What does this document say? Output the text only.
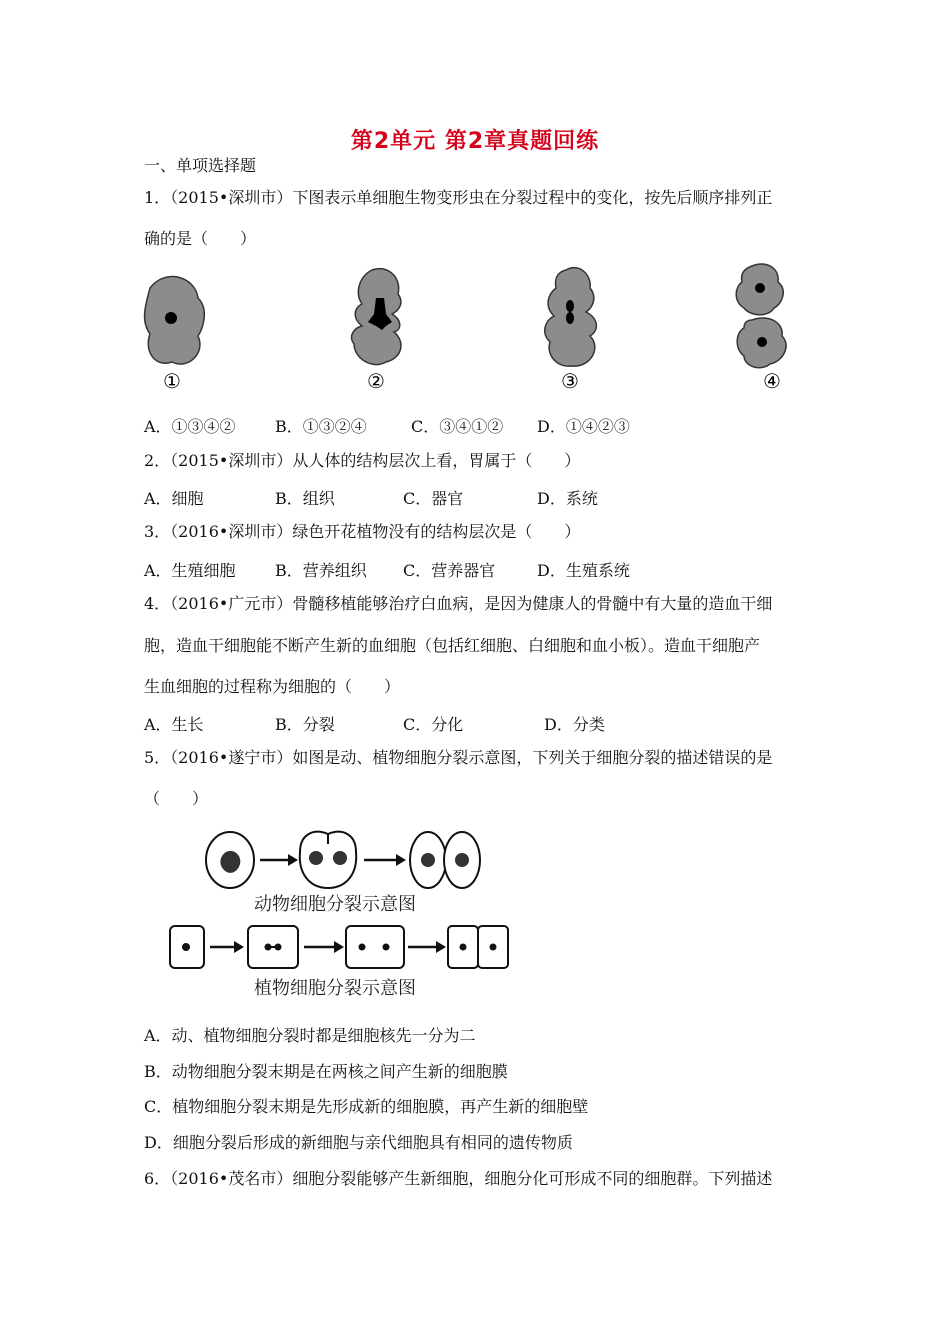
第2单元 第2章真题回练
一、单项选择题
1．（2015•深圳市）下图表示单细胞生物变形虫在分裂过程中的变化，按先后顺序排列正
确的是（　　）
①	②	③	④
A．①③④② B．①③②④	C．③④①② D．①④②③
2．（2015•深圳市）从人体的结构层次上看，胃属于（　　）
A．细胞	B．组织	C．器官	D．系统
3．（2016•深圳市）绿色开花植物没有的结构层次是（　　）
A．生殖细胞 B．营养组织 C．营养器官	D．生殖系统
4．（2016•广元市）骨髓移植能够治疗白血病，是因为健康人的骨髓中有大量的造血干细
胞，造血干细胞能不断产生新的血细胞（包括红细胞、白细胞和血小板）。造血干细胞产
生血细胞的过程称为细胞的（　　）
A．生长	B．分裂	C．分化	D．分类
5．（2016•遂宁市）如图是动、植物细胞分裂示意图，下列关于细胞分裂的描述错误的是
（　　）
动物细胞分裂示意图
植物细胞分裂示意图
A．动、植物细胞分裂时都是细胞核先一分为二
B．动物细胞分裂末期是在两核之间产生新的细胞膜
C．植物细胞分裂末期是先形成新的细胞膜，再产生新的细胞壁
D．细胞分裂后形成的新细胞与亲代细胞具有相同的遗传物质
6．（2016•茂名市）细胞分裂能够产生新细胞，细胞分化可形成不同的细胞群。下列描述
